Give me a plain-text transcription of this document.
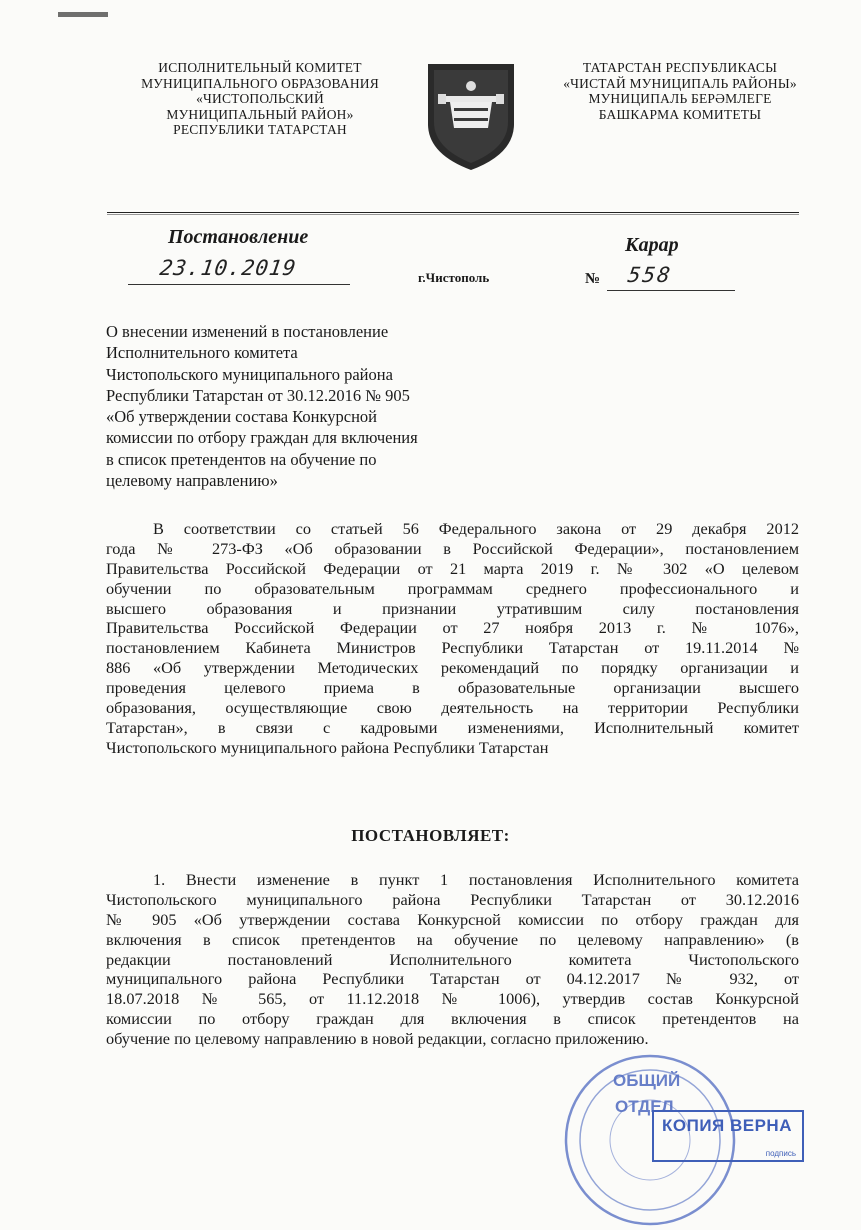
ИСПОЛНИТЕЛЬНЫЙ КОМИТЕТ
МУНИЦИПАЛЬНОГО ОБРАЗОВАНИЯ
«ЧИСТОПОЛЬСКИЙ
МУНИЦИПАЛЬНЫЙ РАЙОН»
РЕСПУБЛИКИ ТАТАРСТАН
ТАТАРСТАН РЕСПУБЛИКАСЫ
«ЧИСТАЙ МУНИЦИПАЛЬ РАЙОНЫ»
МУНИЦИПАЛЬ БЕРӘМЛЕГЕ
БАШКАРМА КОМИТЕТЫ
Постановление	Карар
23.10.2019	г.Чистополь	№ 558
О внесении изменений в постановление
Исполнительного комитета
Чистопольского муниципального района
Республики Татарстан от 30.12.2016 № 905
«Об утверждении состава Конкурсной
комиссии по отбору граждан для включения
в список претендентов на обучение по
целевому направлению»
В соответствии со статьей 56 Федерального закона от 29 декабря 2012
года № 273-ФЗ «Об образовании в Российской Федерации», постановлением
Правительства Российской Федерации от 21 марта 2019 г. № 302 «О целевом
обучении по образовательным программам среднего профессионального и
высшего образования и признании утратившим силу постановления
Правительства Российской Федерации от 27 ноября 2013 г. № 1076»,
постановлением Кабинета Министров Республики Татарстан от 19.11.2014 №
886 «Об утверждении Методических рекомендаций по порядку организации и
проведения целевого приема в образовательные организации высшего
образования, осуществляющие свою деятельность на территории Республики
Татарстан», в связи с кадровыми изменениями, Исполнительный комитет
Чистопольского муниципального района Республики Татарстан
ПОСТАНОВЛЯЕТ:
1. Внести изменение в пункт 1 постановления Исполнительного комитета
Чистопольского муниципального района Республики Татарстан от 30.12.2016
№ 905 «Об утверждении состава Конкурсной комиссии по отбору граждан для
включения в список претендентов на обучение по целевому направлению» (в
редакции постановлений Исполнительного комитета Чистопольского
муниципального района Республики Татарстан от 04.12.2017 № 932, от
18.07.2018 № 565, от 11.12.2018 № 1006), утвердив состав Конкурсной
комиссии по отбору граждан для включения в список претендентов на
обучение по целевому направлению в новой редакции, согласно приложению.
ОБЩИЙ
ОТДЕЛ
КОПИЯ ВЕРНА
подпись
